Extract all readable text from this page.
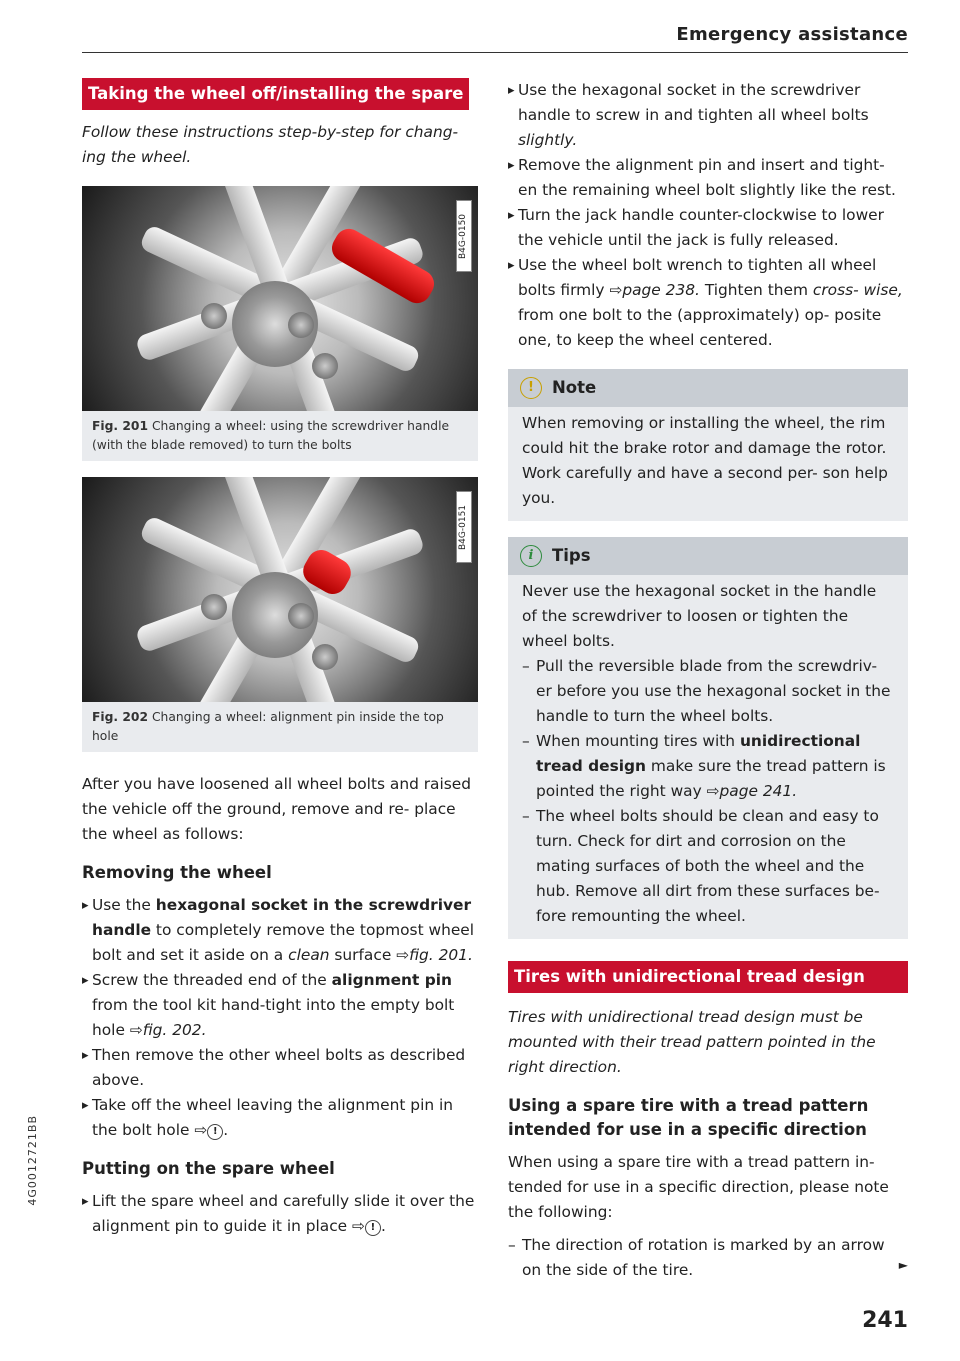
Emergency assistance
Taking the wheel off/installing the spare

Follow these instructions step-by-step for chang- ing the wheel.

B4G-0150
Fig. 201 Changing a wheel: using the screwdriver handle (with the blade removed) to turn the bolts
B4G-0151
Fig. 202 Changing a wheel: alignment pin inside the top hole

After you have loosened all wheel bolts and raised the vehicle off the ground, remove and re- place the wheel as follows:

Removing the wheel

▸ Use the hexagonal socket in the screwdriver handle to completely remove the topmost wheel bolt and set it aside on a clean surface ⇨fig. 201.

▸ Screw the threaded end of the alignment pin from the tool kit hand-tight into the empty bolt hole ⇨fig. 202.

▸ Then remove the other wheel bolts as described above.

▸ Take off the wheel leaving the alignment pin in the bolt hole ⇨ ! .

Putting on the spare wheel

▸ Lift the spare wheel and carefully slide it over the alignment pin to guide it in place ⇨ ! .

▸ Use the hexagonal socket in the screwdriver handle to screw in and tighten all wheel bolts slightly.

▸ Remove the alignment pin and insert and tight- en the remaining wheel bolt slightly like the rest.

▸ Turn the jack handle counter-clockwise to lower the vehicle until the jack is fully released.

▸ Use the wheel bolt wrench to tighten all wheel bolts firmly ⇨page 238. Tighten them cross- wise, from one bolt to the (approximately) op- posite one, to keep the wheel centered.

!	Note

When removing or installing the wheel, the rim could hit the brake rotor and damage the rotor. Work carefully and have a second per- son help you.

i	Tips

Never use the hexagonal socket in the handle of the screwdriver to loosen or tighten the wheel bolts.

– Pull the reversible blade from the screwdriv- er before you use the hexagonal socket in the handle to turn the wheel bolts.

– When mounting tires with unidirectional tread design make sure the tread pattern is pointed the right way ⇨page 241.

– The wheel bolts should be clean and easy to turn. Check for dirt and corrosion on the mating surfaces of both the wheel and the hub. Remove all dirt from these surfaces be- fore remounting the wheel.

Tires with unidirectional tread design

Tires with unidirectional tread design must be mounted with their tread pattern pointed in the right direction.

Using a spare tire with a tread pattern intended for use in a specific direction

When using a spare tire with a tread pattern in- tended for use in a specific direction, please note the following:

– The direction of rotation is marked by an arrow on the side of the tire.	►
241
4G0012721BB
